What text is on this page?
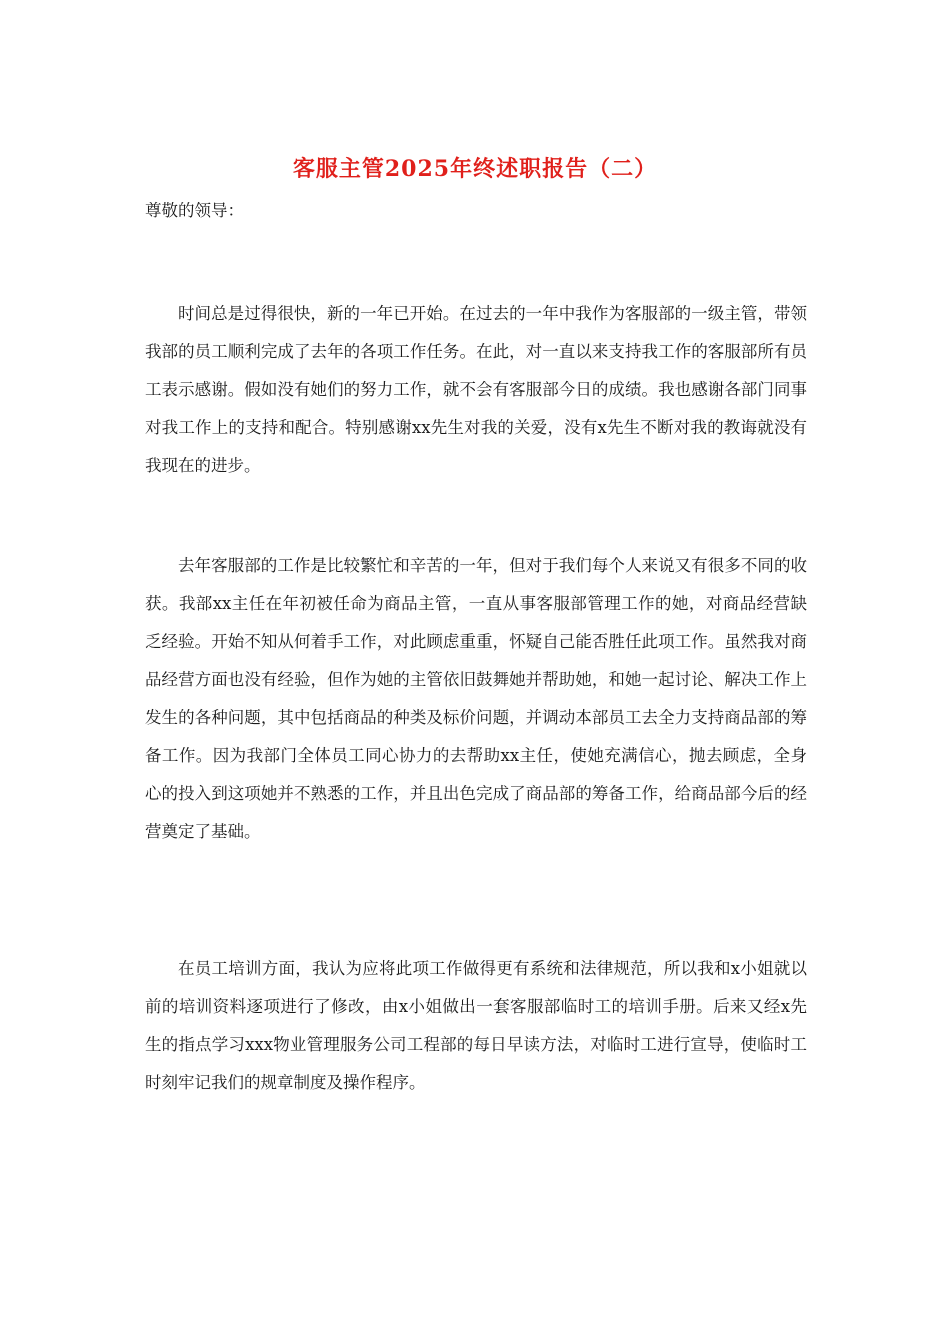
客服主管2025年终述职报告（二）
尊敬的领导：

时间总是过得很快，新的一年已开始。在过去的一年中我作为客服部的一级主管，带领我部的员工顺利完成了去年的各项工作任务。在此，对一直以来支持我工作的客服部所有员工表示感谢。假如没有她们的努力工作，就不会有客服部今日的成绩。我也感谢各部门同事对我工作上的支持和配合。特别感谢xx先生对我的关爱，没有x先生不断对我的教诲就没有我现在的进步。

去年客服部的工作是比较繁忙和辛苦的一年，但对于我们每个人来说又有很多不同的收获。我部xx主任在年初被任命为商品主管，一直从事客服部管理工作的她，对商品经营缺乏经验。开始不知从何着手工作，对此顾虑重重，怀疑自己能否胜任此项工作。虽然我对商品经营方面也没有经验，但作为她的主管依旧鼓舞她并帮助她，和她一起讨论、解决工作上发生的各种问题，其中包括商品的种类及标价问题，并调动本部员工去全力支持商品部的筹备工作。因为我部门全体员工同心协力的去帮助xx主任，使她充满信心，抛去顾虑，全身心的投入到这项她并不熟悉的工作，并且出色完成了商品部的筹备工作，给商品部今后的经营奠定了基础。

在员工培训方面，我认为应将此项工作做得更有系统和法律规范，所以我和x小姐就以前的培训资料逐项进行了修改，由x小姐做出一套客服部临时工的培训手册。后来又经x先生的指点学习xxx物业管理服务公司工程部的每日早读方法，对临时工进行宣导，使临时工时刻牢记我们的规章制度及操作程序。
